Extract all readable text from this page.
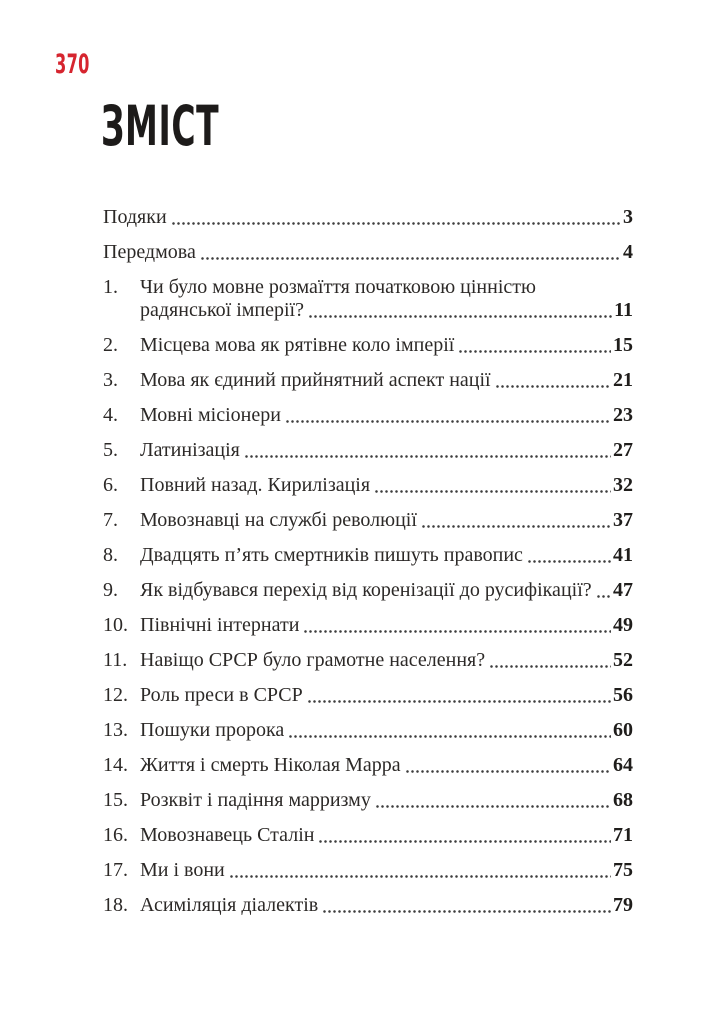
370
ЗМІСТ
Подяки	3
Передмова	4
1.	Чи було мовне розмаїття початковою цінністю
радянської імперії?	11
2.	Місцева мова як рятівне коло імперії	15
3.	Мова як єдиний прийнятний аспект нації	21
4.	Мовні місіонери	23
5.	Латинізація	27
6.	Повний назад. Кирилізація	32
7.	Мовознавці на службі революції	37
8.	Двадцять п’ять смертників пишуть правопис	41
9.	Як відбувався перехід від коренізації до русифікації? 47
10. Північні інтернати	49
11. Навіщо СРСР було грамотне населення?	52
12. Роль преси в СРСР	56
13. Пошуки пророка	60
14. Життя і смерть Ніколая Марра	64
15. Розквіт і падіння марризму	68
16. Мовознавець Сталін	71
17. Ми і вони	75
18. Асиміляція діалектів	79
